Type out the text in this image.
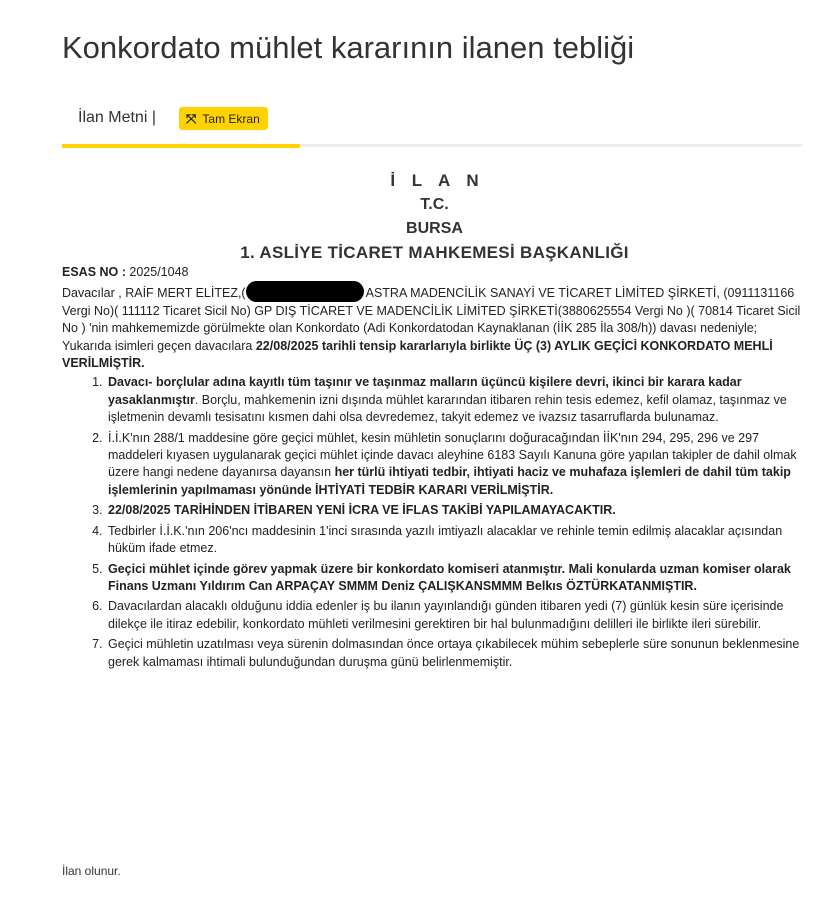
Konkordato mühlet kararının ilanen tebliği
İlan Metni | ⤧ Tam Ekran
İ L A N
T.C.
BURSA
1. ASLİYE TİCARET MAHKEMESİ BAŞKANLIĞI

ESAS NO : 2025/1048

Davacılar , RAİF MERT ELİTEZ,(	ASTRA MADENCİLİK SANAYİ VE TİCARET LİMİTED ŞİRKETİ, (0911131166 Vergi No)( 111112 Ticaret Sicil No) GP DIŞ TİCARET VE MADENCİLİK LİMİTED ŞİRKETİ(3880625554 Vergi No )( 70814 Ticaret Sicil No ) 'nin mahkememizde görülmekte olan Konkordato (Adi Konkordatodan Kaynaklanan (İİK 285 İla 308/h)) davası nedeniyle;

Yukarıda isimleri geçen davacılara 22/08/2025 tarihli tensip kararlarıyla birlikte ÜÇ (3) AYLIK GEÇİCİ KONKORDATO MEHLİ VERİLMİŞTİR.

1. Davacı- borçlular adına kayıtlı tüm taşınır ve taşınmaz malların üçüncü kişilere devri, ikinci bir karara kadar yasaklanmıştır. Borçlu, mahkemenin izni dışında mühlet kararından itibaren rehin tesis edemez, kefil olamaz, taşınmaz ve işletmenin devamlı tesisatını kısmen dahi olsa devredemez, takyit edemez ve ivazsız tasarruflarda bulunamaz.
2. İ.İ.K'nın 288/1 maddesine göre geçici mühlet, kesin mühletin sonuçlarını doğuracağından İİK'nın 294, 295, 296 ve 297 maddeleri kıyasen uygulanarak geçici mühlet içinde davacı aleyhine 6183 Sayılı Kanuna göre yapılan takipler de dahil olmak üzere hangi nedene dayanırsa dayansın her türlü ihtiyati tedbir, ihtiyati haciz ve muhafaza işlemleri de dahil tüm takip işlemlerinin yapılmaması yönünde İHTİYATİ TEDBİR KARARI VERİLMİŞTİR.
3. 22/08/2025 TARİHİNDEN İTİBAREN YENİ İCRA VE İFLAS TAKİBİ YAPILAMAYACAKTIR.
4. Tedbirler İ.İ.K.'nın 206'ncı maddesinin 1'inci sırasında yazılı imtiyazlı alacaklar ve rehinle temin edilmiş alacaklar açısından hüküm ifade etmez.
5. Geçici mühlet içinde görev yapmak üzere bir konkordato komiseri atanmıştır. Mali konularda uzman komiser olarak Finans Uzmanı Yıldırım Can ARPAÇAY SMMM Deniz ÇALIŞKANSMMM Belkıs ÖZTÜRKATANMIŞTIR.
6. Davacılardan alacaklı olduğunu iddia edenler iş bu ilanın yayınlandığı günden itibaren yedi (7) günlük kesin süre içerisinde dilekçe ile itiraz edebilir, konkordato mühleti verilmesini gerektiren bir hal bulunmadığını delilleri ile birlikte ileri sürebilir.
7. Geçici mühletin uzatılması veya sürenin dolmasından önce ortaya çıkabilecek mühim sebeplerle süre sonunun beklenmesine gerek kalmaması ihtimali bulunduğundan duruşma günü belirlenmemiştir.
İlan olunur.
